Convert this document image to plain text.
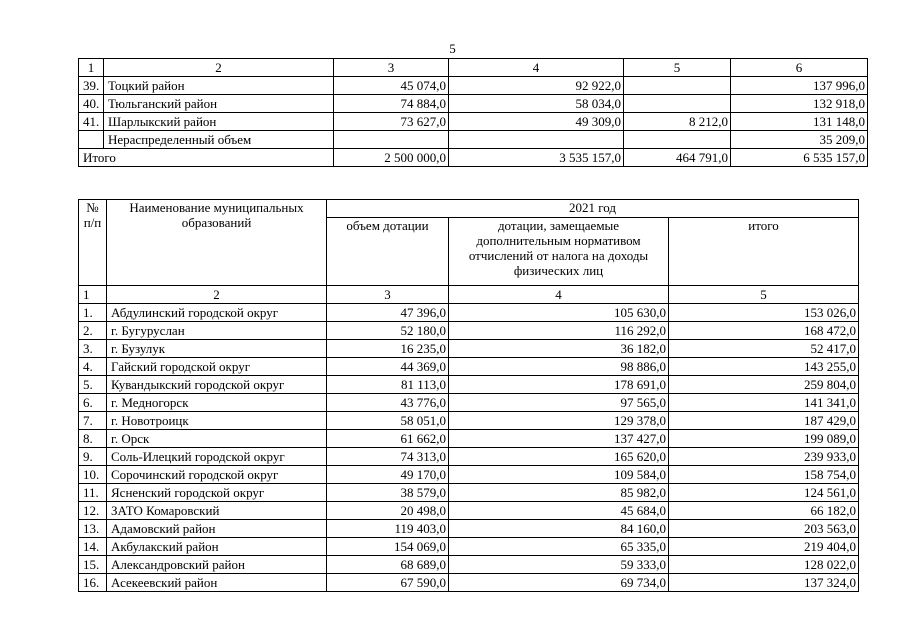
5
1	2	3	4	5	6
39.	Тоцкий район	45 074,0	92 922,0		137 996,0
40.	Тюльганский район	74 884,0	58 034,0		132 918,0
41.	Шарлыкский район	73 627,0	49 309,0	8 212,0	131 148,0
	Нераспределенный объем				35 209,0
Итого		2 500 000,0	3 535 157,0	464 791,0	6 535 157,0
№ п/п	Наименование муниципальных образований	2021 год		
		объем дотации	дотации, замещаемые дополнительным нормативом отчислений от налога на доходы физических лиц	итого
1	2	3	4	5
1.	Абдулинский городской округ	47 396,0	105 630,0	153 026,0
2.	г. Бугуруслан	52 180,0	116 292,0	168 472,0
3.	г. Бузулук	16 235,0	36 182,0	52 417,0
4.	Гайский городской округ	44 369,0	98 886,0	143 255,0
5.	Кувандыкский городской округ	81 113,0	178 691,0	259 804,0
6.	г. Медногорск	43 776,0	97 565,0	141 341,0
7.	г. Новотроицк	58 051,0	129 378,0	187 429,0
8.	г. Орск	61 662,0	137 427,0	199 089,0
9.	Соль-Илецкий городской округ	74 313,0	165 620,0	239 933,0
10.	Сорочинский городской округ	49 170,0	109 584,0	158 754,0
11.	Ясненский городской округ	38 579,0	85 982,0	124 561,0
12.	ЗАТО Комаровский	20 498,0	45 684,0	66 182,0
13.	Адамовский район	119 403,0	84 160,0	203 563,0
14.	Акбулакский район	154 069,0	65 335,0	219 404,0
15.	Александровский район	68 689,0	59 333,0	128 022,0
16.	Асекеевский район	67 590,0	69 734,0	137 324,0
